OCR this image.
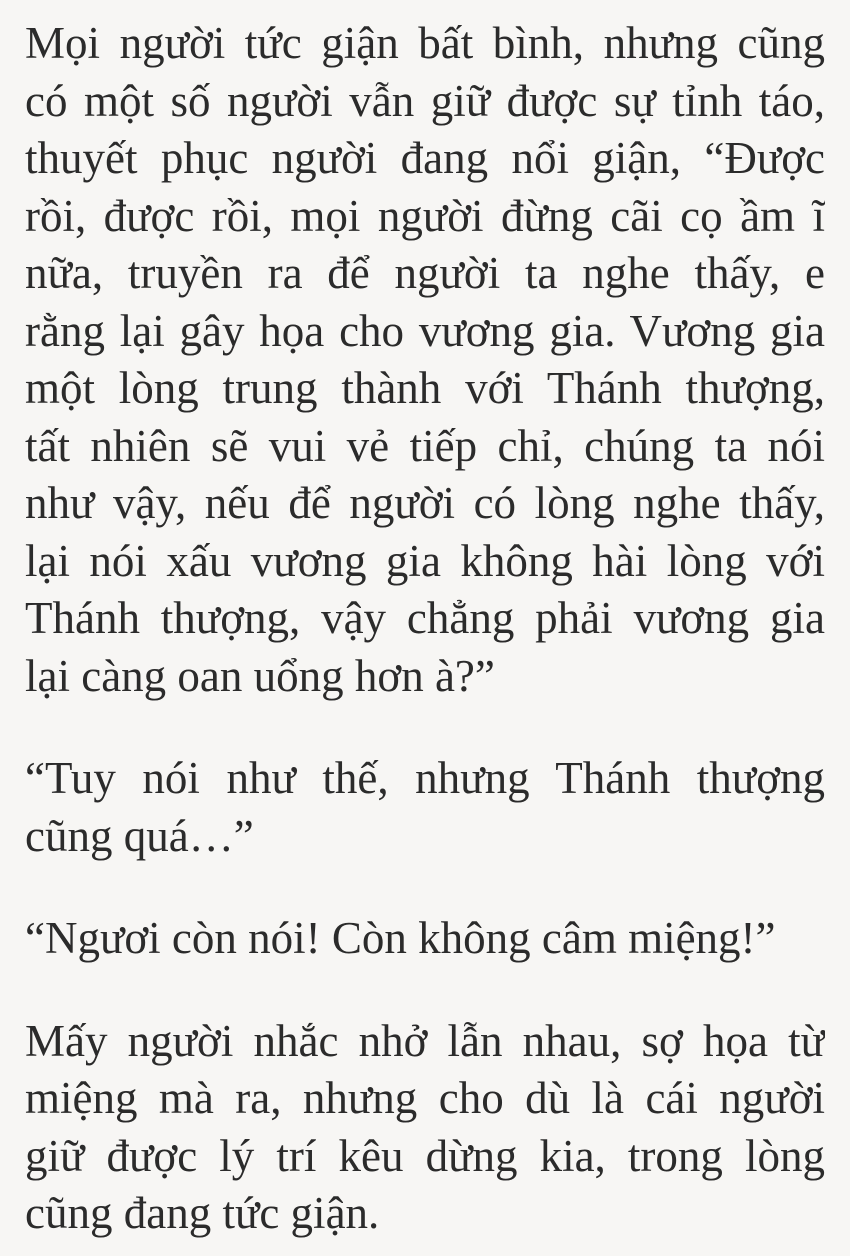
Mọi người tức giận bất bình, nhưng cũng
có một số người vẫn giữ được sự tỉnh táo,
thuyết phục người đang nổi giận, “Được
rồi, được rồi, mọi người đừng cãi cọ ầm ĩ
nữa, truyền ra để người ta nghe thấy, e
rằng lại gây họa cho vương gia. Vương gia
một lòng trung thành với Thánh thượng,
tất nhiên sẽ vui vẻ tiếp chỉ, chúng ta nói
như vậy, nếu để người có lòng nghe thấy,
lại nói xấu vương gia không hài lòng với
Thánh thượng, vậy chẳng phải vương gia
lại càng oan uổng hơn à?”
“Tuy nói như thế, nhưng Thánh thượng
cũng quá…”
“Ngươi còn nói! Còn không câm miệng!”
Mấy người nhắc nhở lẫn nhau, sợ họa từ
miệng mà ra, nhưng cho dù là cái người
giữ được lý trí kêu dừng kia, trong lòng
cũng đang tức giận.
